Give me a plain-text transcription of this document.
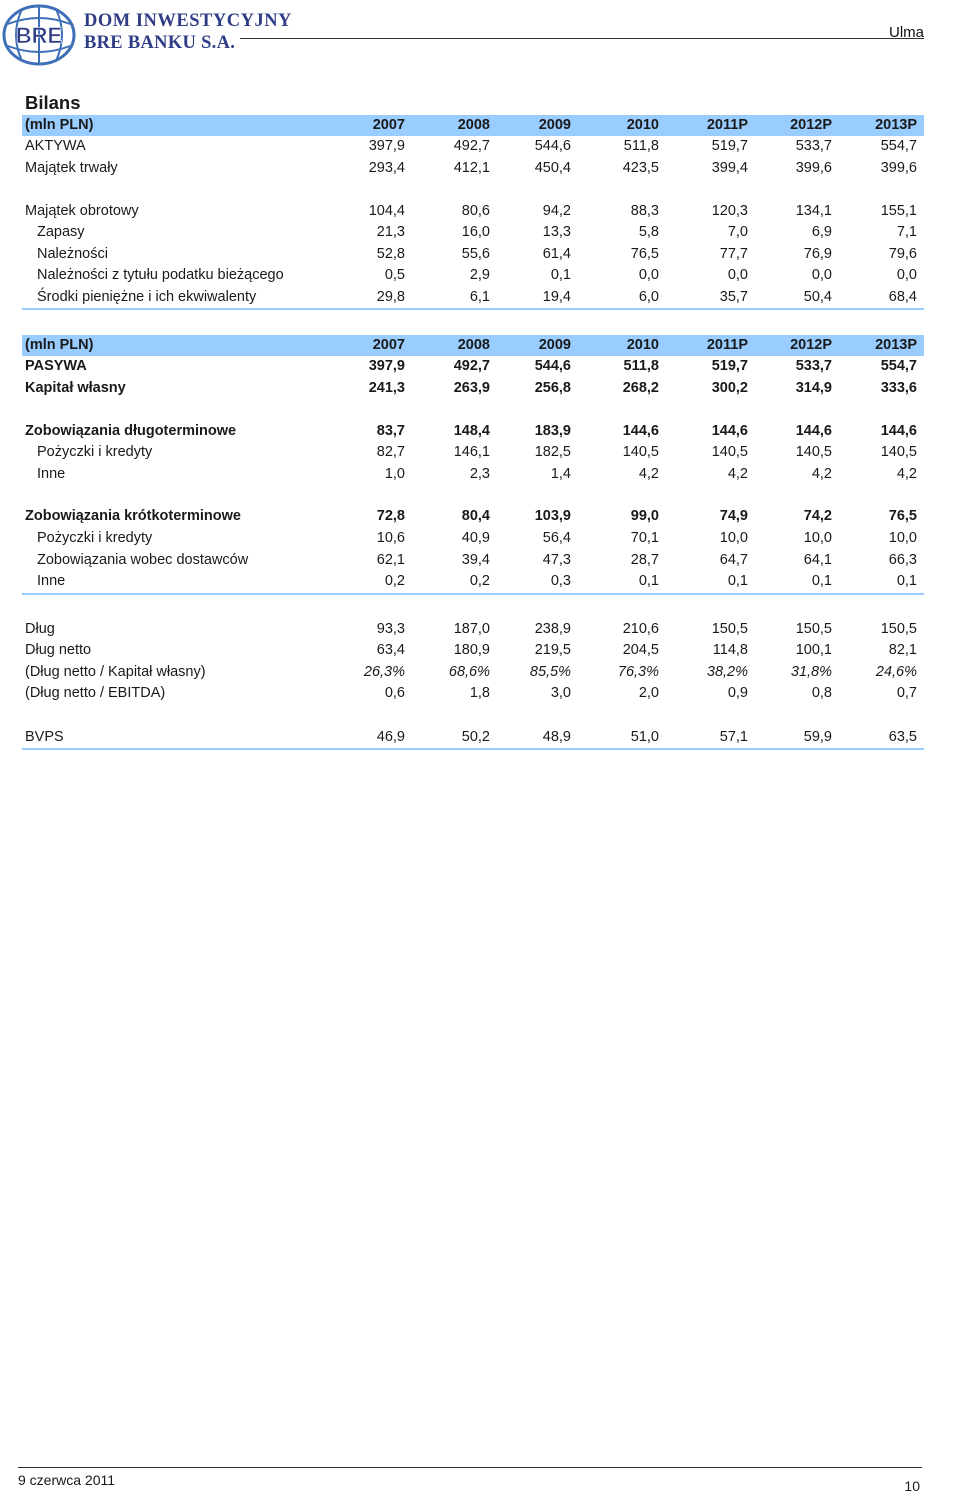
BRE
DOM INWESTYCYJNY
BRE BANKU S.A.
Ulma
Bilans
(mln PLN)	2007	2008	2009	2010	2011P	2012P	2013P
AKTYWA	397,9	492,7	544,6	511,8	519,7	533,7	554,7
Majątek trwały	293,4	412,1	450,4	423,5	399,4	399,6	399,6
Majątek obrotowy	104,4	80,6	94,2	88,3	120,3	134,1	155,1
Zapasy	21,3	16,0	13,3	5,8	7,0	6,9	7,1
Należności	52,8	55,6	61,4	76,5	77,7	76,9	79,6
Należności z tytułu podatku bieżącego	0,5	2,9	0,1	0,0	0,0	0,0	0,0
Środki pieniężne i ich ekwiwalenty	29,8	6,1	19,4	6,0	35,7	50,4	68,4
(mln PLN)	2007	2008	2009	2010	2011P	2012P	2013P
PASYWA	397,9	492,7	544,6	511,8	519,7	533,7	554,7
Kapitał własny	241,3	263,9	256,8	268,2	300,2	314,9	333,6
Zobowiązania długoterminowe	83,7	148,4	183,9	144,6	144,6	144,6	144,6
Pożyczki i kredyty	82,7	146,1	182,5	140,5	140,5	140,5	140,5
Inne	1,0	2,3	1,4	4,2	4,2	4,2	4,2
Zobowiązania krótkoterminowe	72,8	80,4	103,9	99,0	74,9	74,2	76,5
Pożyczki i kredyty	10,6	40,9	56,4	70,1	10,0	10,0	10,0
Zobowiązania wobec dostawców	62,1	39,4	47,3	28,7	64,7	64,1	66,3
Inne	0,2	0,2	0,3	0,1	0,1	0,1	0,1
Dług	93,3	187,0	238,9	210,6	150,5	150,5	150,5
Dług netto	63,4	180,9	219,5	204,5	114,8	100,1	82,1
(Dług netto / Kapitał własny)	26,3%	68,6%	85,5%	76,3%	38,2%	31,8%	24,6%
(Dług netto / EBITDA)	0,6	1,8	3,0	2,0	0,9	0,8	0,7
BVPS	46,9	50,2	48,9	51,0	57,1	59,9	63,5
9 czerwca 2011	10
